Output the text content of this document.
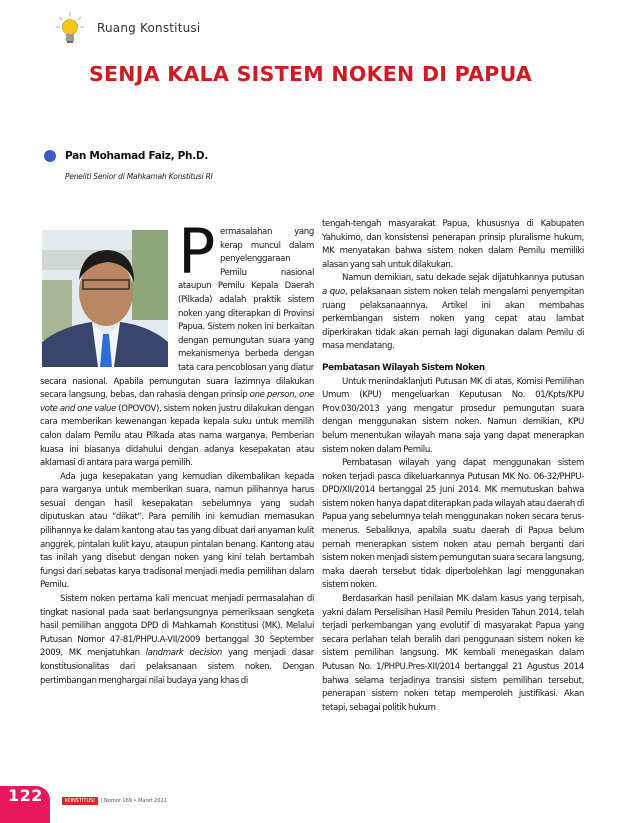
Ruang Konstitusi
SENJA KALA SISTEM NOKEN DI PAPUA
Pan Mohamad Faiz, Ph.D.
Peneliti Senior di Mahkamah Konstitusi RI

Permasalahan yang kerap muncul dalam penyelenggaraan Pemilu nasional ataupun Pemilu Kepala Daerah (Pilkada) adalah praktik sistem noken yang diterapkan di Provinsi Papua. Sistem noken ini berkaitan dengan pemungutan suara yang mekanismenya berbeda dengan tata cara pencoblosan yang diatur secara nasional. Apabila pemungutan suara lazimnya dilakukan secara langsung, bebas, dan rahasia dengan prinsip one person, one vote and one value (OPOVOV), sistem noken justru dilakukan dengan cara memberikan kewenangan kepada kepala suku untuk memilih calon dalam Pemilu atau Pilkada atas nama warganya. Pemberian kuasa ini biasanya didahului dengan adanya kesepakatan atau aklamasi di antara para warga pemilih.

Ada juga kesepakatan yang kemudian dikembalikan kepada para warganya untuk memberikan suara, namun pilihannya harus sesuai dengan hasil kesepakatan sebelumnya yang sudah diputuskan atau "diikat". Para pemilih ini kemudian memasukan pilihannya ke dalam kantong atau tas yang dibuat dari anyaman kulit anggrek, pintalan kulit kayu, ataupun pintalan benang. Kantong atau tas inilah yang disebut dengan noken yang kini telah bertambah fungsi dari sebatas karya tradisonal menjadi media pemilihan dalam Pemilu.

Sistem noken pertama kali mencuat menjadi permasalahan di tingkat nasional pada saat berlangsungnya pemeriksaan sengketa hasil pemilihan anggota DPD di Mahkamah Konstitusi (MK). Melalui Putusan Nomor 47-81/PHPU.A-VII/2009 bertanggal 30 September 2009, MK menjatuhkan landmark decision yang menjadi dasar konstitusionalitas dari pelaksanaan sistem noken. Dengan pertimbangan menghargai nilai budaya yang khas di

tengah-tengah masyarakat Papua, khususnya di Kabupaten Yahukimo, dan konsistensi penerapan prinsip pluralisme hukum, MK menyatakan bahwa sistem noken dalam Pemilu memiliki alasan yang sah untuk dilakukan.

Namun demikian, satu dekade sejak dijatuhkannya putusan a quo, pelaksanaan sistem noken telah mengalami penyempitan ruang pelaksanaannya. Artikel ini akan membahas perkembangan sistem noken yang cepat atau lambat diperkirakan tidak akan pernah lagi digunakan dalam Pemilu di masa mendatang.

Pembatasan Wilayah Sistem Noken

Untuk menindaklanjuti Putusan MK di atas, Komisi Pemilihan Umum (KPU) mengeluarkan Keputusan No. 01/Kpts/KPU Prov.030/2013 yang mengatur prosedur pemungutan suara dengan menggunakan sistem noken. Namun demikian, KPU belum menentukan wilayah mana saja yang dapat menerapkan sistem noken dalam Pemilu.

Pembatasan wilayah yang dapat menggunakan sistem noken terjadi pasca dikeluarkannya Putusan MK No. 06-32/PHPU-DPD/XII/2014 bertanggal 25 Juni 2014. MK memutuskan bahwa sistem noken hanya dapat diterapkan pada wilayah atau daerah di Papua yang sebelumnya telah menggunakan noken secara terus-menerus. Sebaliknya, apabila suatu daerah di Papua belum pernah menerapkan sistem noken atau pernah berganti dari sistem noken menjadi sistem pemungutan suara secara langsung, maka daerah tersebut tidak diperbolehkan lagi menggunakan sistem noken.

Berdasarkan hasil penilaian MK dalam kasus yang terpisah, yakni dalam Perselisihan Hasil Pemilu Presiden Tahun 2014, telah terjadi perkembangan yang evolutif di masyarakat Papua yang secara perlahan telah beralih dari penggunaan sistem noken ke sistem pemilihan langsung. MK kembali menegaskan dalam Putusan No. 1/PHPU.Pres-XII/2014 bertanggal 21 Agustus 2014 bahwa selama terjadinya transisi sistem pemilihan tersebut, penerapan sistem noken tetap memperoleh justifikasi. Akan tetapi, sebagai politik hukum

122	KONSTITUSI	| Nomor 169 • Maret 2021
